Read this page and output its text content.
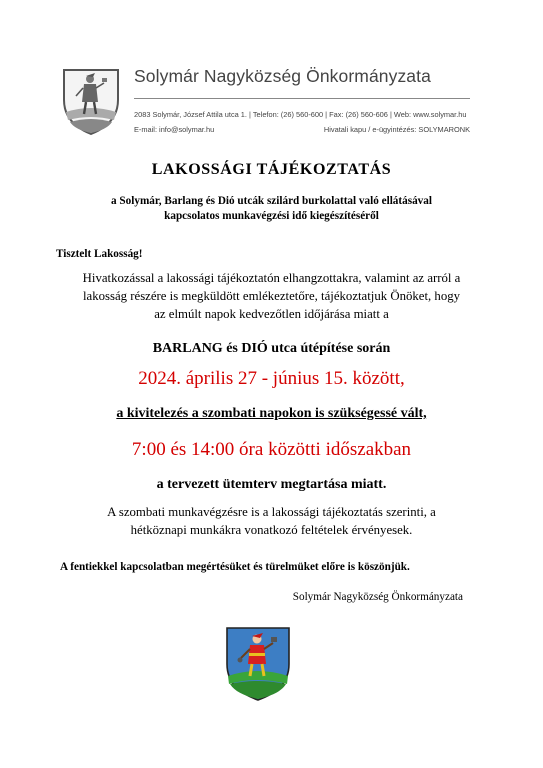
Solymár Nagyközség Önkormányzata
2083 Solymár, József Attila utca 1. | Telefon: (26) 560-600 | Fax: (26) 560-606 | Web: www.solymar.hu
E-mail: info@solymar.hu	Hivatali kapu / e-ügyintézés: SOLYMARONK
LAKOSSÁGI TÁJÉKOZTATÁS
a Solymár, Barlang és Dió utcák szilárd burkolattal való ellátásával
kapcsolatos munkavégzési idő kiegészítéséről
Tisztelt Lakosság!
Hivatkozással a lakossági tájékoztatón elhangzottakra, valamint az arról a
lakosság részére is megküldött emlékeztetőre, tájékoztatjuk Önöket, hogy
az elmúlt napok kedvezőtlen időjárása miatt a
BARLANG és DIÓ utca útépítése során
2024. április 27 - június 15. között,
a kivitelezés a szombati napokon is szükségessé vált,
7:00 és 14:00 óra közötti időszakban
a tervezett ütemterv megtartása miatt.
A szombati munkavégzésre is a lakossági tájékoztatás szerinti, a
hétköznapi munkákra vonatkozó feltételek érvényesek.
A fentiekkel kapcsolatban megértésüket és türelmüket előre is köszönjük.
Solymár Nagyközség Önkormányzata
